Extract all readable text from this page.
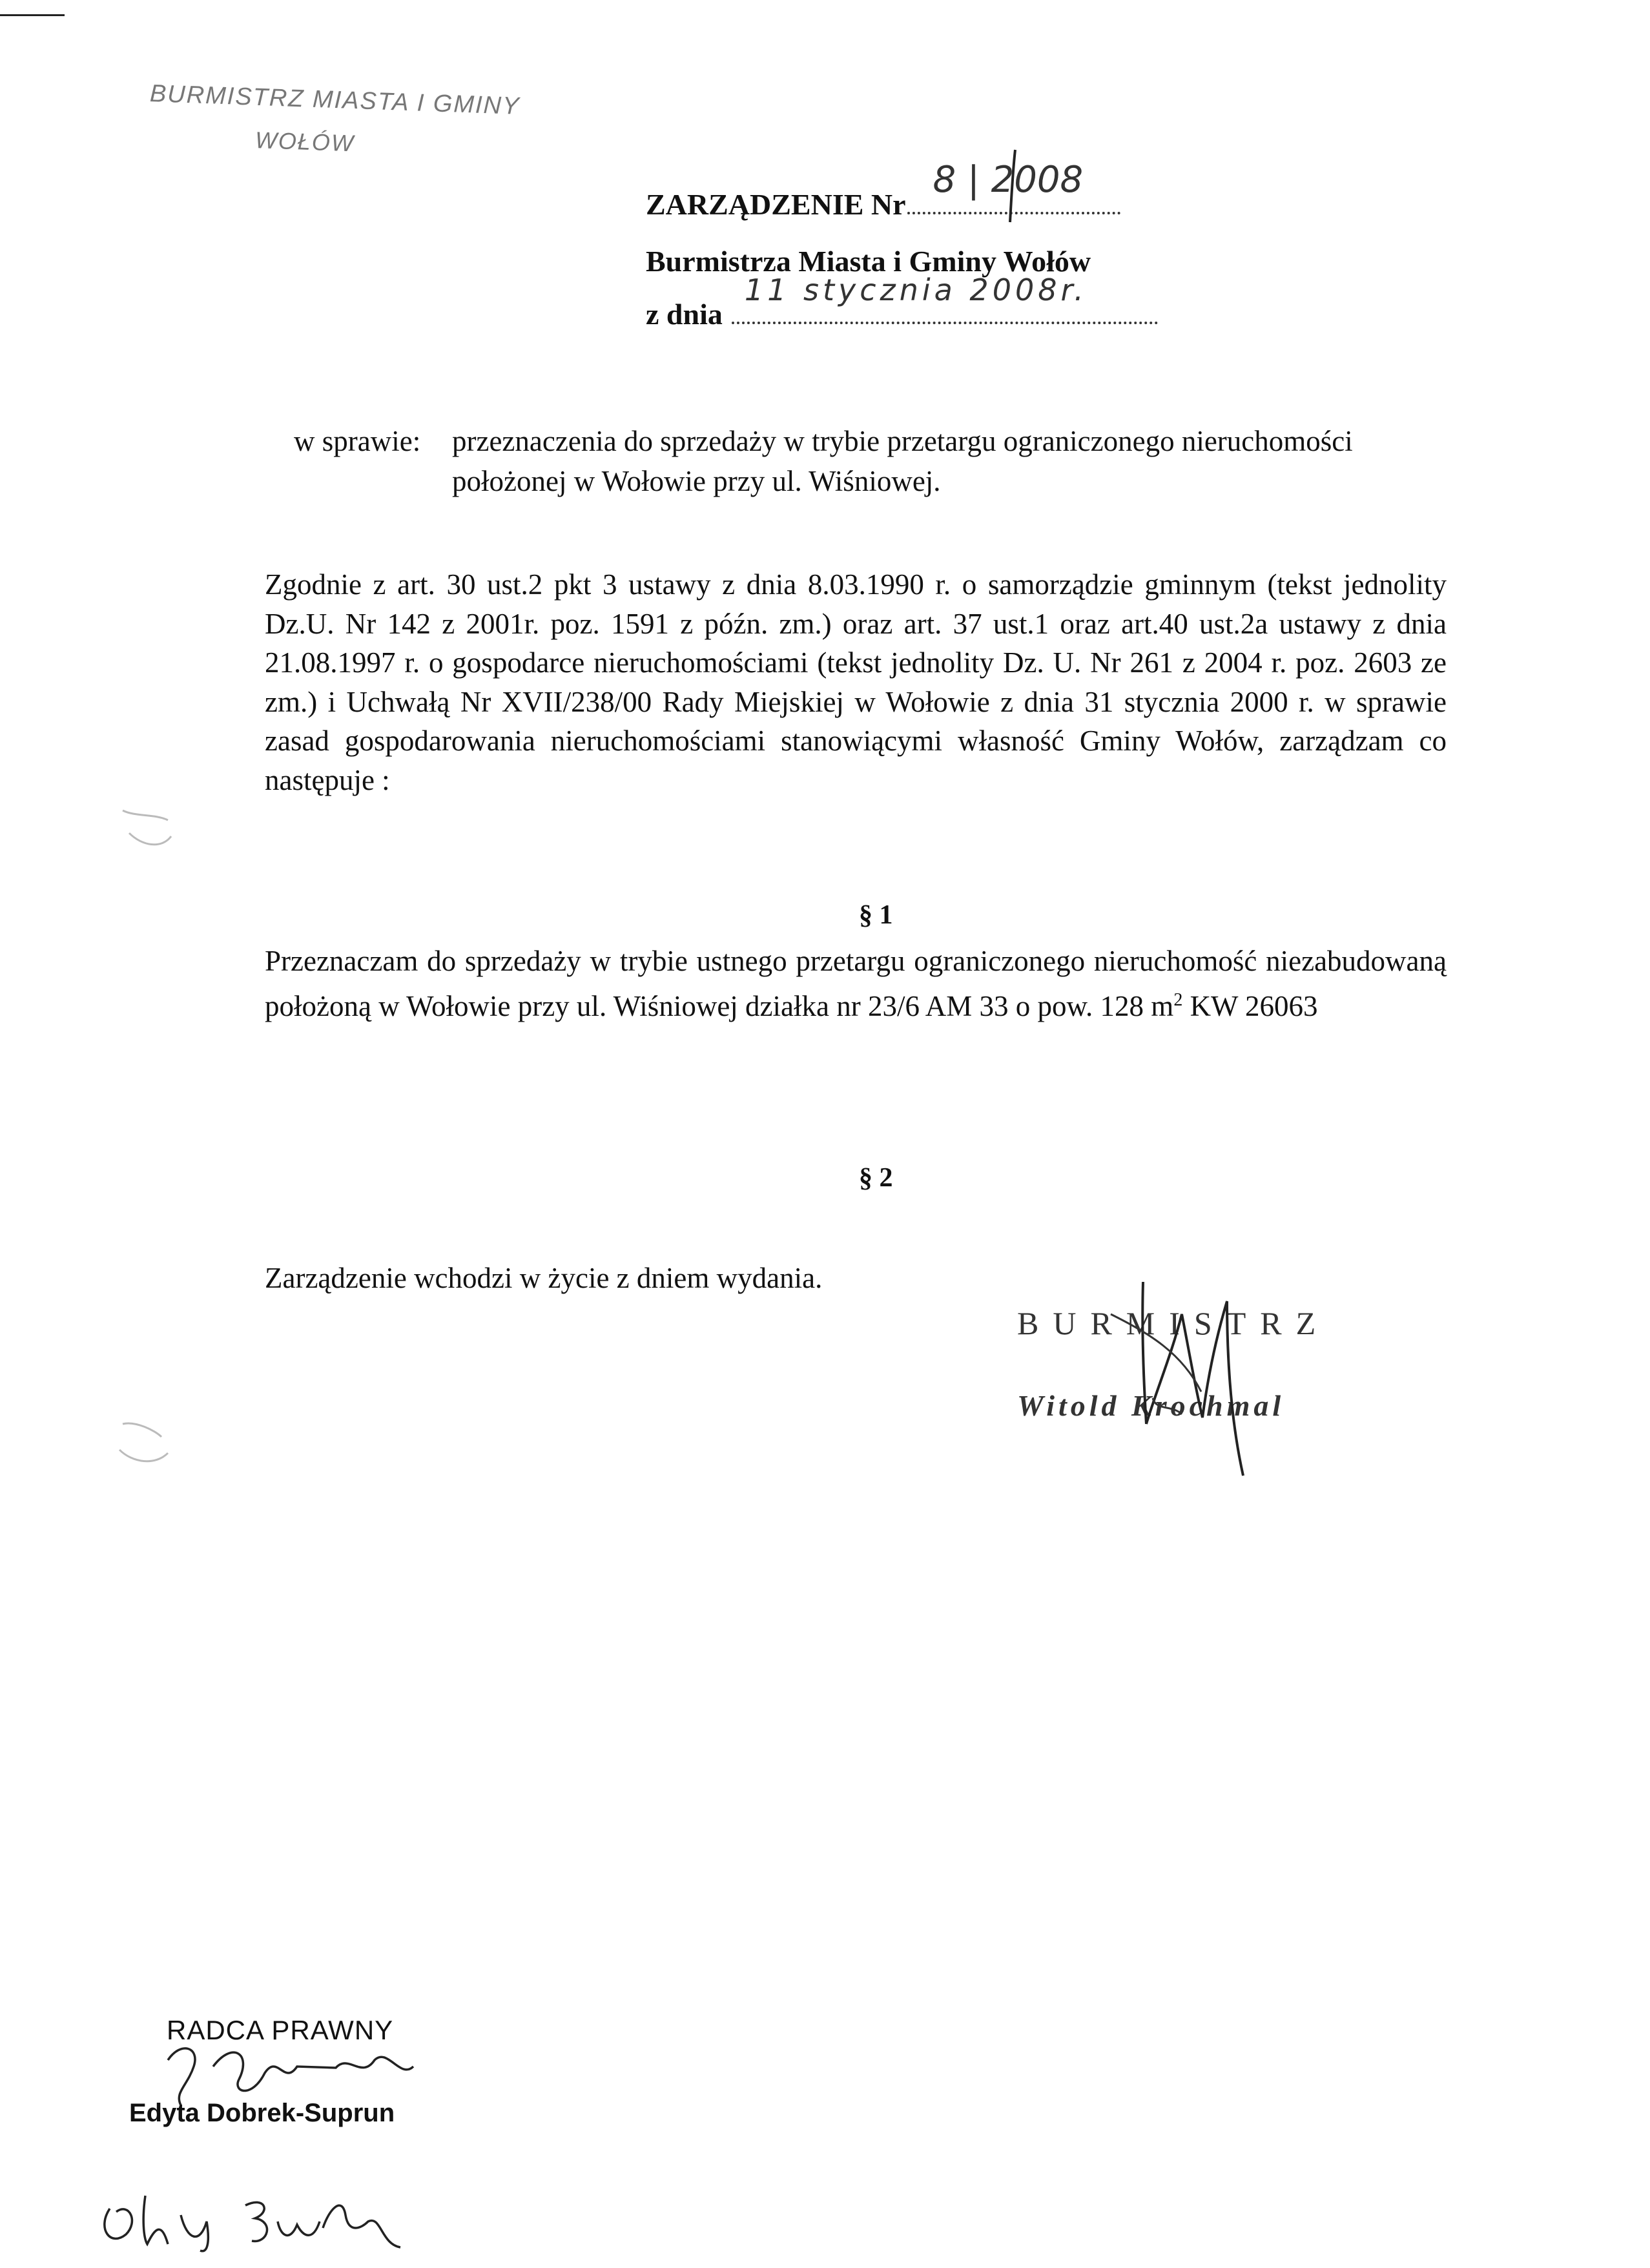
BURMISTRZ MIASTA I GMINY
WOŁÓW
ZARZĄDZENIE Nr
8 | 2008
Burmistrza Miasta i Gminy Wołów
z dnia
11 stycznia 2008r.
w sprawie:	przeznaczenia do sprzedaży w trybie przetargu ograniczonego nieruchomości położonej w Wołowie przy ul. Wiśniowej.
Zgodnie z art. 30 ust.2 pkt 3 ustawy z dnia 8.03.1990 r. o samorządzie gminnym (tekst jednolity Dz.U. Nr 142 z 2001r. poz. 1591 z późn. zm.) oraz art. 37 ust.1 oraz art.40 ust.2a ustawy z dnia 21.08.1997 r. o gospodarce nieruchomościami (tekst jednolity Dz. U. Nr 261 z 2004 r. poz. 2603 ze zm.) i Uchwałą Nr XVII/238/00 Rady Miejskiej w Wołowie z dnia 31 stycznia 2000 r. w sprawie zasad gospodarowania nieruchomościami stanowiącymi własność Gminy Wołów, zarządzam co następuje :
§ 1
Przeznaczam do sprzedaży w trybie ustnego przetargu ograniczonego nieruchomość niezabudowaną położoną w Wołowie przy ul. Wiśniowej działka nr 23/6 AM 33 o pow. 128 $m^2$ KW 26063
§ 2
Zarządzenie wchodzi w życie z dniem wydania.
BURMISTRZ
Witold Krochmal
RADCA PRAWNY
Edyta Dobrek-Suprun
